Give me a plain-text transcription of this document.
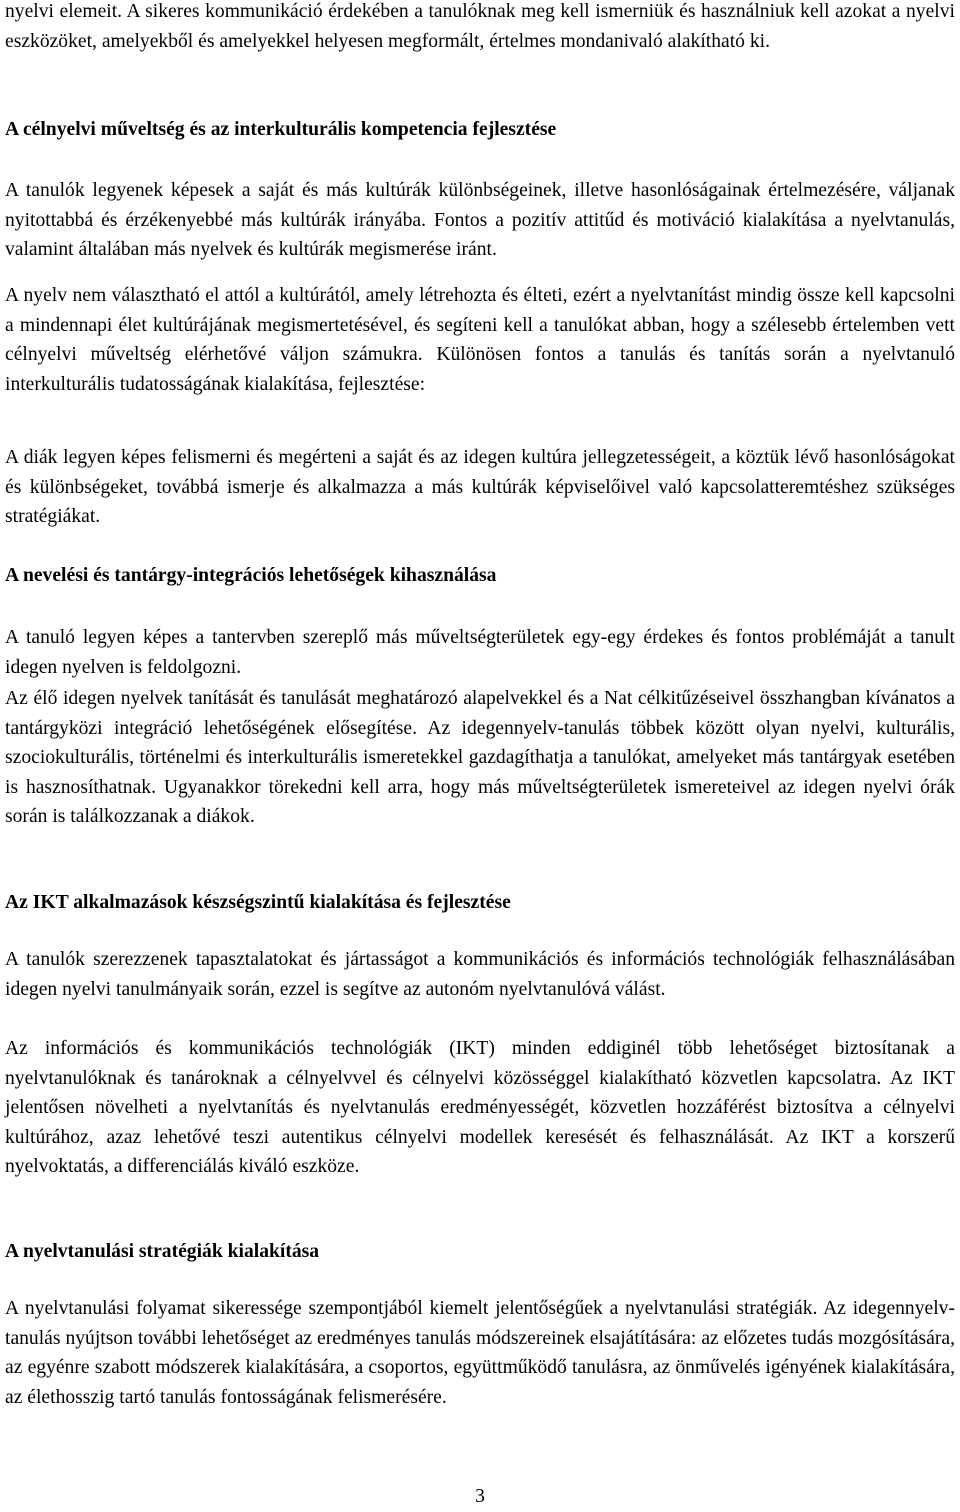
nyelvi elemeit. A sikeres kommunikáció érdekében a tanulóknak meg kell ismerniük és használniuk kell azokat a nyelvi eszközöket, amelyekből és amelyekkel helyesen megformált, értelmes mondanivaló alakítható ki.

A célnyelvi műveltség és az interkulturális kompetencia fejlesztése

A tanulók legyenek képesek a saját és más kultúrák különbségeinek, illetve hasonlóságainak értelmezésére, váljanak nyitottabbá és érzékenyebbé más kultúrák irányába. Fontos a pozitív attitűd és motiváció kialakítása a nyelvtanulás, valamint általában más nyelvek és kultúrák megismerése iránt.

A nyelv nem választható el attól a kultúrától, amely létrehozta és élteti, ezért a nyelvtanítást mindig össze kell kapcsolni a mindennapi élet kultúrájának megismertetésével, és segíteni kell a tanulókat abban, hogy a szélesebb értelemben vett célnyelvi műveltség elérhetővé váljon számukra. Különösen fontos a tanulás és tanítás során a nyelvtanuló interkulturális tudatosságának kialakítása, fejlesztése:

A diák legyen képes felismerni és megérteni a saját és az idegen kultúra jellegzetességeit, a köztük lévő hasonlóságokat és különbségeket, továbbá ismerje és alkalmazza a más kultúrák képviselőivel való kapcsolatteremtéshez szükséges stratégiákat.

A nevelési és tantárgy-integrációs lehetőségek kihasználása

A tanuló legyen képes a tantervben szereplő más műveltségterületek egy-egy érdekes és fontos problémáját a tanult idegen nyelven is feldolgozni.

Az élő idegen nyelvek tanítását és tanulását meghatározó alapelvekkel és a Nat célkitűzéseivel összhangban kívánatos a tantárgyközi integráció lehetőségének elősegítése. Az idegennyelv-tanulás többek között olyan nyelvi, kulturális, szociokulturális, történelmi és interkulturális ismeretekkel gazdagíthatja a tanulókat, amelyeket más tantárgyak esetében is hasznosíthatnak. Ugyanakkor törekedni kell arra, hogy más műveltségterületek ismereteivel az idegen nyelvi órák során is találkozzanak a diákok.

Az IKT alkalmazások készségszintű kialakítása és fejlesztése

A tanulók szerezzenek tapasztalatokat és jártasságot a kommunikációs és információs technológiák felhasználásában idegen nyelvi tanulmányaik során, ezzel is segítve az autonóm nyelvtanulóvá válást.

Az információs és kommunikációs technológiák (IKT) minden eddiginél több lehetőséget biztosítanak a nyelvtanulóknak és tanároknak a célnyelvvel és célnyelvi közösséggel kialakítható közvetlen kapcsolatra. Az IKT jelentősen növelheti a nyelvtanítás és nyelvtanulás eredményességét, közvetlen hozzáférést biztosítva a célnyelvi kultúrához, azaz lehetővé teszi autentikus célnyelvi modellek keresését és felhasználását. Az IKT a korszerű nyelvoktatás, a differenciálás kiváló eszköze.

A nyelvtanulási stratégiák kialakítása

A nyelvtanulási folyamat sikeressége szempontjából kiemelt jelentőségűek a nyelvtanulási stratégiák. Az idegennyelv-tanulás nyújtson további lehetőséget az eredményes tanulás módszereinek elsajátítására: az előzetes tudás mozgósítására, az egyénre szabott módszerek kialakítására, a csoportos, együttműködő tanulásra, az önművelés igényének kialakítására, az élethosszig tartó tanulás fontosságának felismerésére.

3
